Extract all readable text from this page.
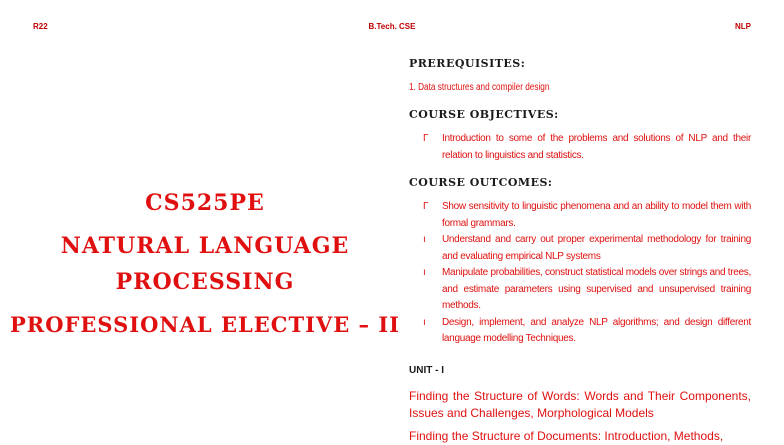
R22	B.Tech. CSE	NLP
CS525PE
NATURAL LANGUAGE
PROCESSING
PROFESSIONAL ELECTIVE – II
PREREQUISITES:
1. Data structures and compiler design
COURSE OBJECTIVES:
Γ Introduction to some of the problems and solutions of NLP and their relation to linguistics and statistics.
COURSE OUTCOMES:
Γ Show sensitivity to linguistic phenomena and an ability to model them with formal grammars.
ı Understand and carry out proper experimental methodology for training and evaluating empirical NLP systems
ı Manipulate probabilities, construct statistical models over strings and trees, and estimate parameters using supervised and unsupervised training methods.
ı Design, implement, and analyze NLP algorithms; and design different language modelling Techniques.
UNIT - I
Finding the Structure of Words: Words and Their Components, Issues and Challenges, Morphological Models
Finding the Structure of Documents: Introduction, Methods,
